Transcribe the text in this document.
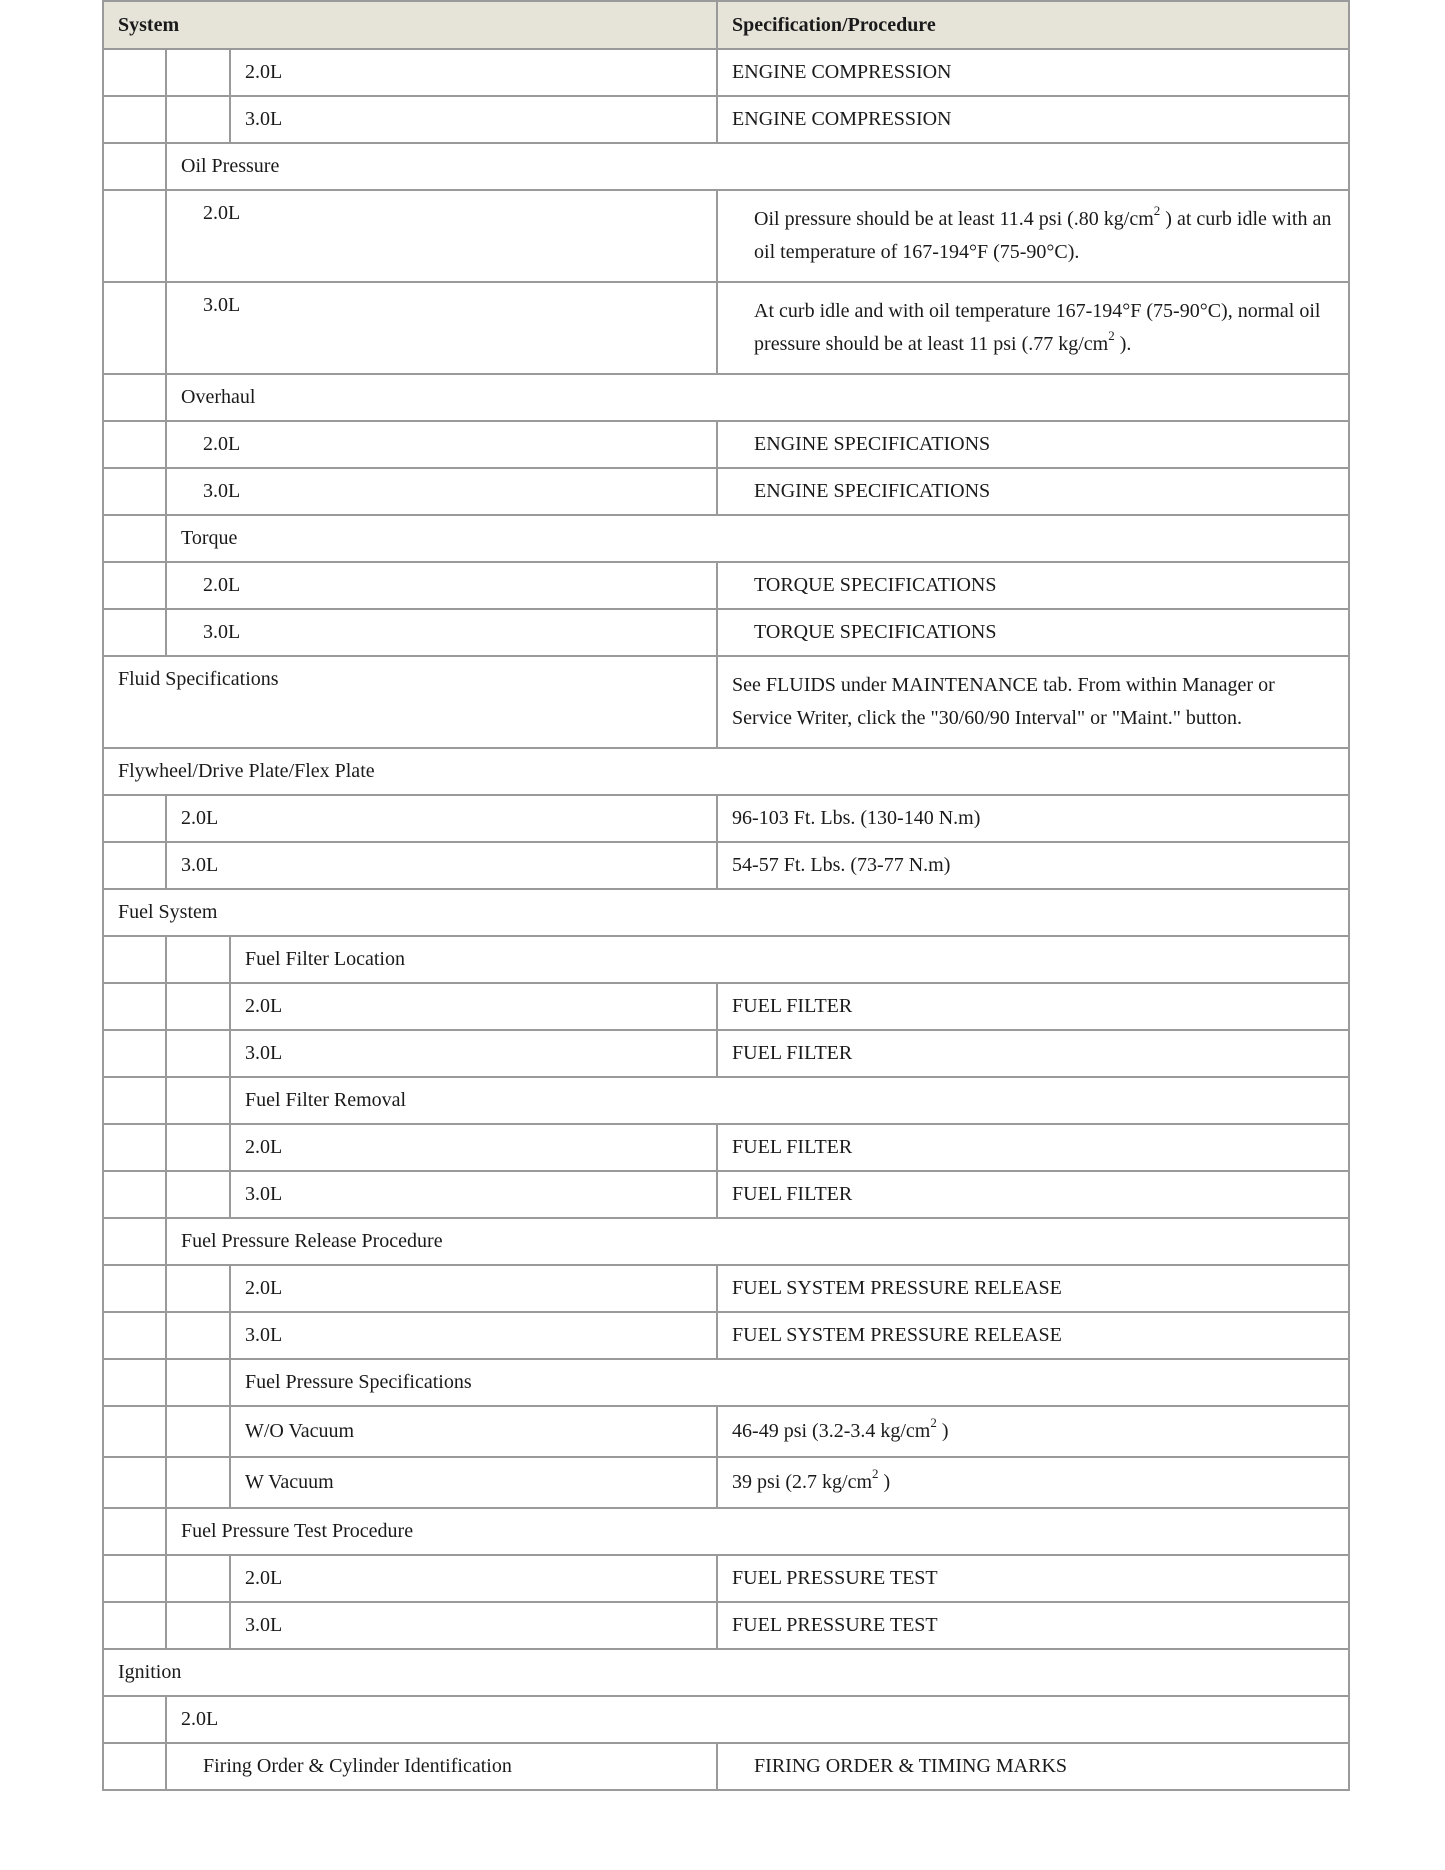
System			Specification/Procedure
		2.0L	ENGINE COMPRESSION
		3.0L	ENGINE COMPRESSION
	Oil Pressure		
	2.0L		Oil pressure should be at least 11.4 psi (.80 $kg/cm^2$ ) at curb idle with an oil temperature of 167-194°F (75-90°C).
	3.0L		At curb idle and with oil temperature 167-194°F (75-90°C), normal oil pressure should be at least 11 psi (.77 $kg/cm^2$ ).
	Overhaul		
	2.0L		ENGINE SPECIFICATIONS
	3.0L		ENGINE SPECIFICATIONS
	Torque		
	2.0L		TORQUE SPECIFICATIONS
	3.0L		TORQUE SPECIFICATIONS
Fluid Specifications			See FLUIDS under MAINTENANCE tab. From within Manager or Service Writer, click the "30/60/90 Interval" or "Maint." button.
Flywheel/Drive Plate/Flex Plate			
	2.0L		96-103 Ft. Lbs. (130-140 N.m)
	3.0L		54-57 Ft. Lbs. (73-77 N.m)
Fuel System			
		Fuel Filter Location	
		2.0L	FUEL FILTER
		3.0L	FUEL FILTER
		Fuel Filter Removal	
		2.0L	FUEL FILTER
		3.0L	FUEL FILTER
	Fuel Pressure Release Procedure		
		2.0L	FUEL SYSTEM PRESSURE RELEASE
		3.0L	FUEL SYSTEM PRESSURE RELEASE
		Fuel Pressure Specifications	
		W/O Vacuum	46-49 psi (3.2-3.4 $kg/cm^2$ )
		W Vacuum	39 psi (2.7 $kg/cm^2$ )
	Fuel Pressure Test Procedure		
		2.0L	FUEL PRESSURE TEST
		3.0L	FUEL PRESSURE TEST
Ignition			
	2.0L		
	Firing Order & Cylinder Identification		FIRING ORDER & TIMING MARKS
